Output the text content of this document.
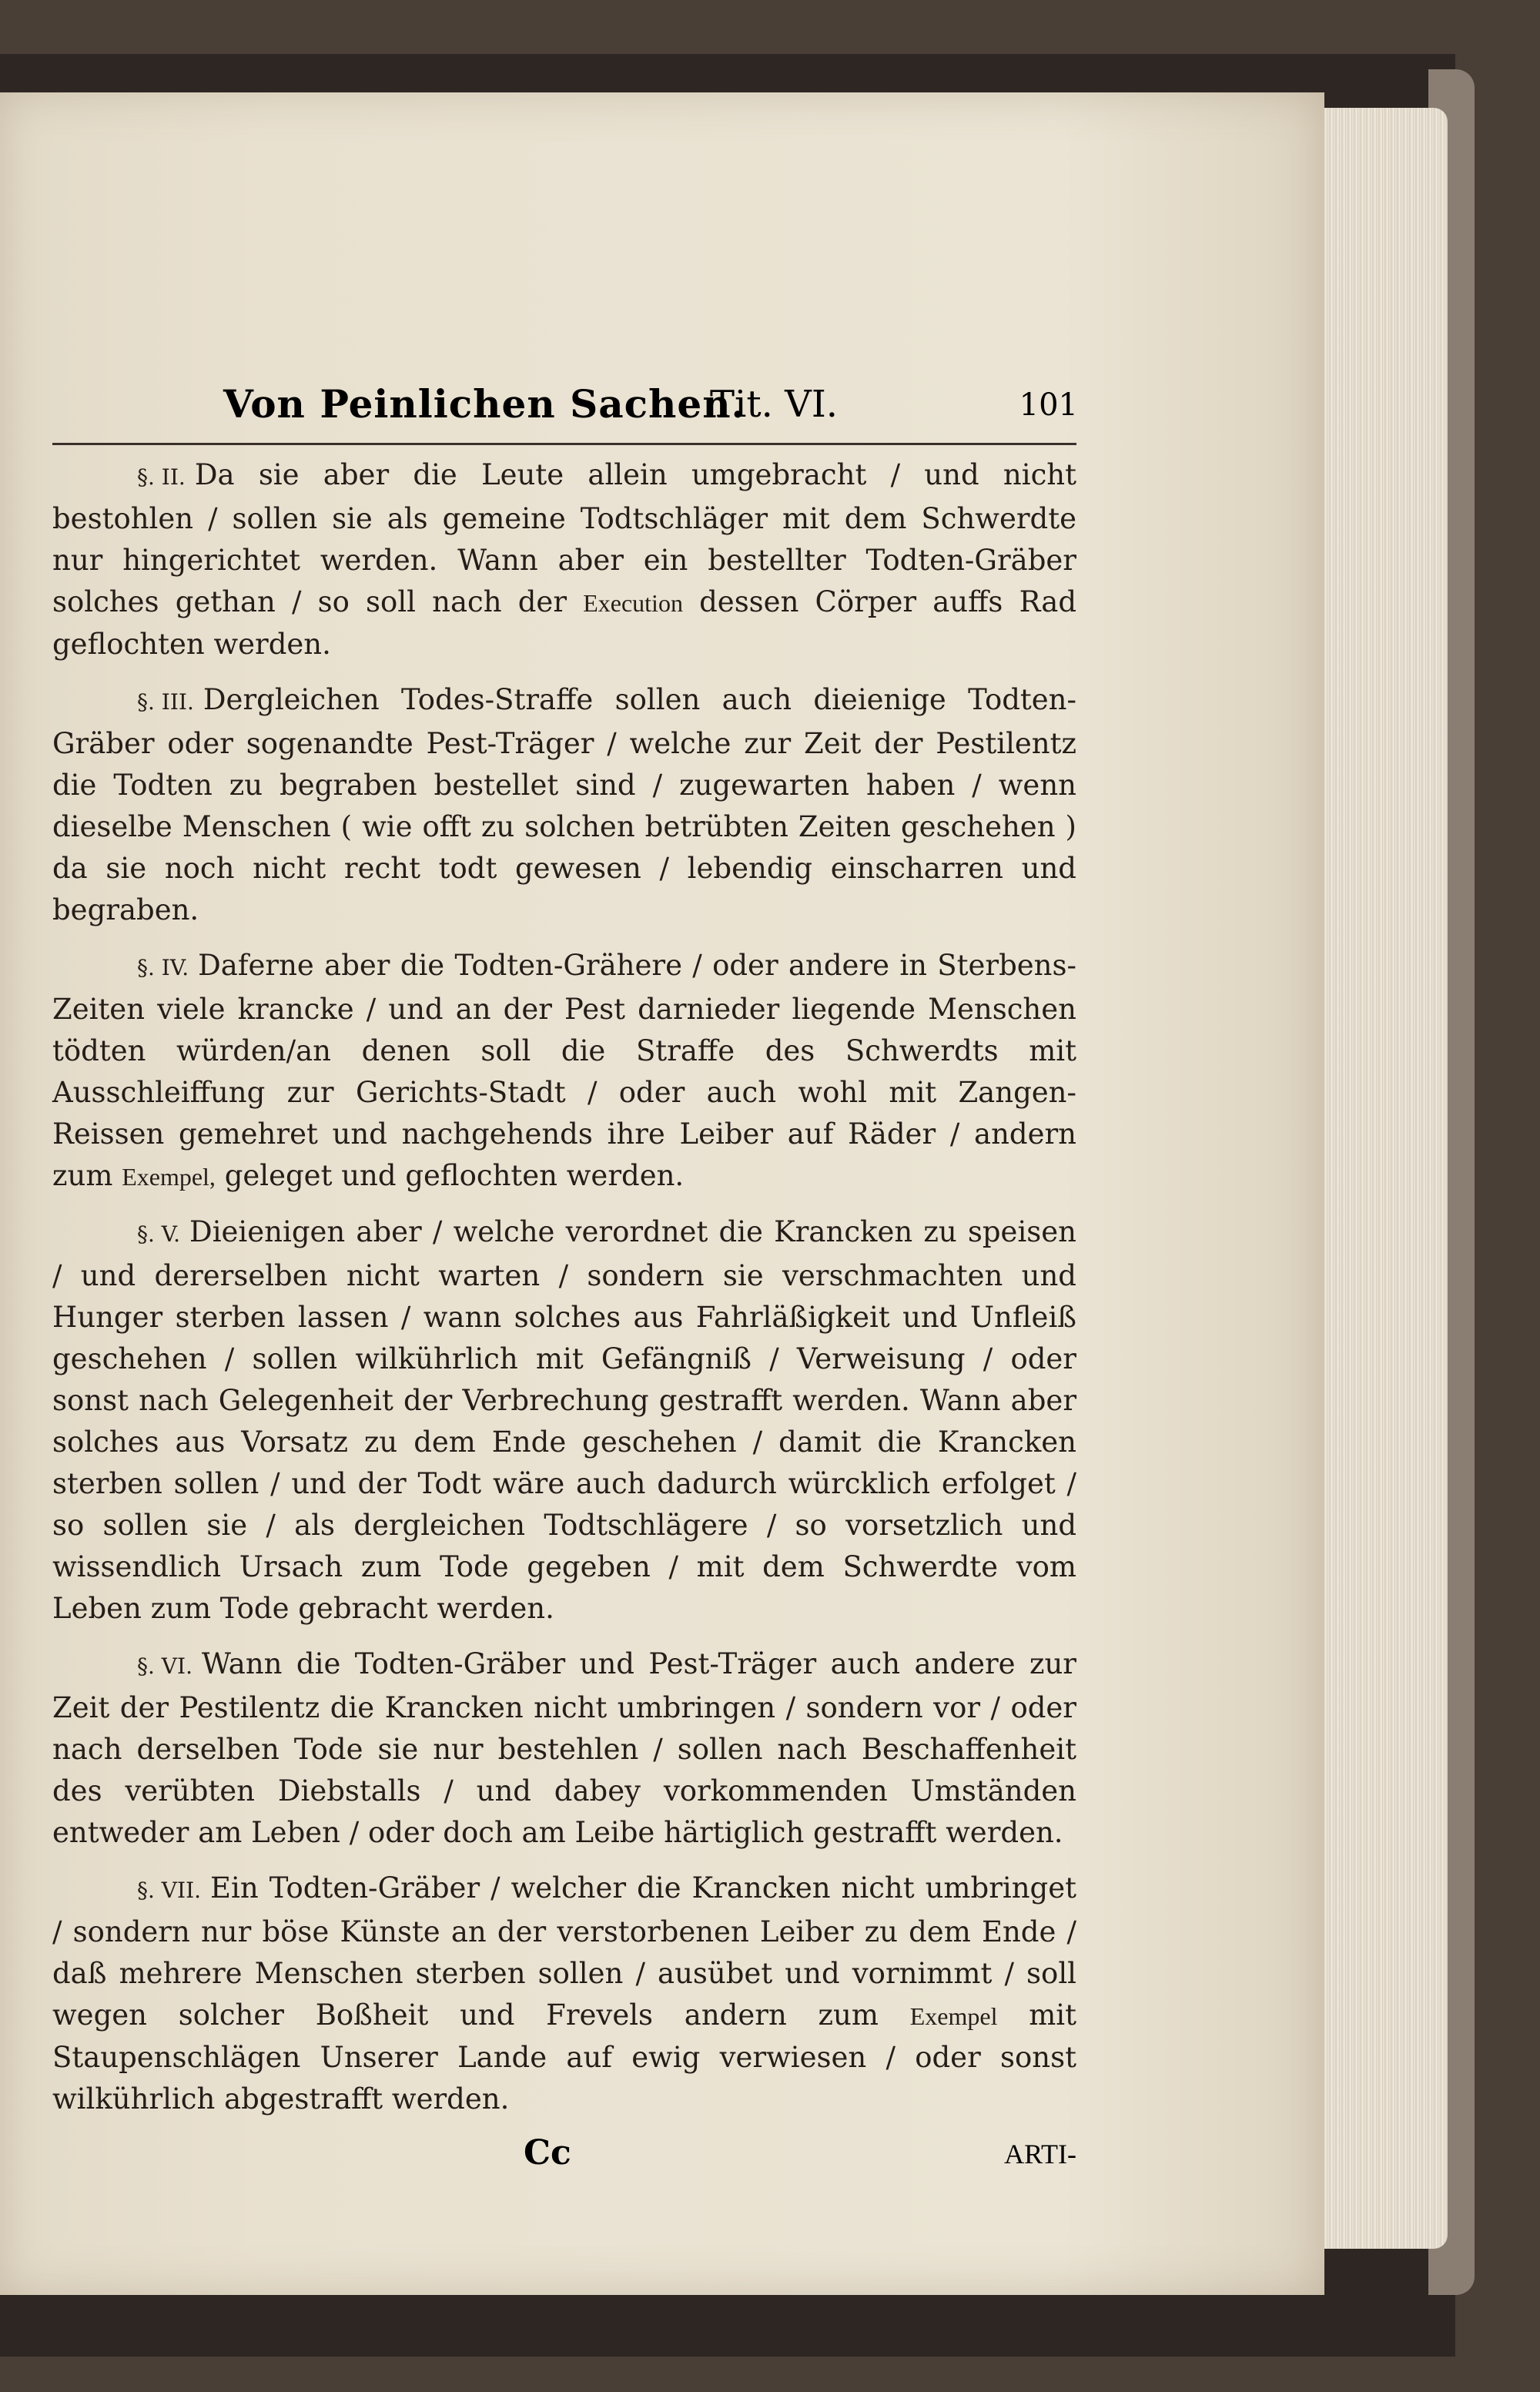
Von Peinlichen Sachen.
Tit. VI.	101

§. II. Da sie aber die Leute allein umgebracht / und nicht bestohlen / sollen sie als gemeine Todtschläger mit dem Schwerdte nur hingerichtet werden. Wann aber ein bestellter Todten-Gräber solches gethan / so soll nach der Execution dessen Cörper auffs Rad geflochten werden.

§. III. Dergleichen Todes-Straffe sollen auch dieienige Todten-Gräber oder sogenandte Pest-Träger / welche zur Zeit der Pestilentz die Todten zu begraben bestellet sind / zugewarten haben / wenn dieselbe Menschen ( wie offt zu solchen betrübten Zeiten geschehen ) da sie noch nicht recht todt gewesen / lebendig einscharren und begraben.

§. IV. Daferne aber die Todten-Grähere / oder andere in Sterbens-Zeiten viele krancke / und an der Pest darnieder liegende Menschen tödten würden/an denen soll die Straffe des Schwerdts mit Ausschleiffung zur Gerichts-Stadt / oder auch wohl mit Zangen-Reissen gemehret und nachgehends ihre Leiber auf Räder / andern zum Exempel, geleget und geflochten werden.

§. V. Dieienigen aber / welche verordnet die Krancken zu speisen / und dererselben nicht warten / sondern sie verschmachten und Hunger sterben lassen / wann solches aus Fahrläßigkeit und Unfleiß geschehen / sollen wilkührlich mit Gefängniß / Verweisung / oder sonst nach Gelegenheit der Verbrechung gestrafft werden. Wann aber solches aus Vorsatz zu dem Ende geschehen / damit die Krancken sterben sollen / und der Todt wäre auch dadurch würcklich erfolget / so sollen sie / als dergleichen Todtschlägere / so vorsetzlich und wissendlich Ursach zum Tode gegeben / mit dem Schwerdte vom Leben zum Tode gebracht werden.

§. VI. Wann die Todten-Gräber und Pest-Träger auch andere zur Zeit der Pestilentz die Krancken nicht umbringen / sondern vor / oder nach derselben Tode sie nur bestehlen / sollen nach Beschaffenheit des verübten Diebstalls / und dabey vorkommenden Umständen entweder am Leben / oder doch am Leibe härtiglich gestrafft werden.

§. VII. Ein Todten-Gräber / welcher die Krancken nicht umbringet / sondern nur böse Künste an der verstorbenen Leiber zu dem Ende / daß mehrere Menschen sterben sollen / ausübet und vornimmt / soll wegen solcher Boßheit und Frevels andern zum Exempel mit Staupenschlägen Unserer Lande auf ewig verwiesen / oder sonst wilkührlich abgestrafft werden.

Cc	ARTI-
